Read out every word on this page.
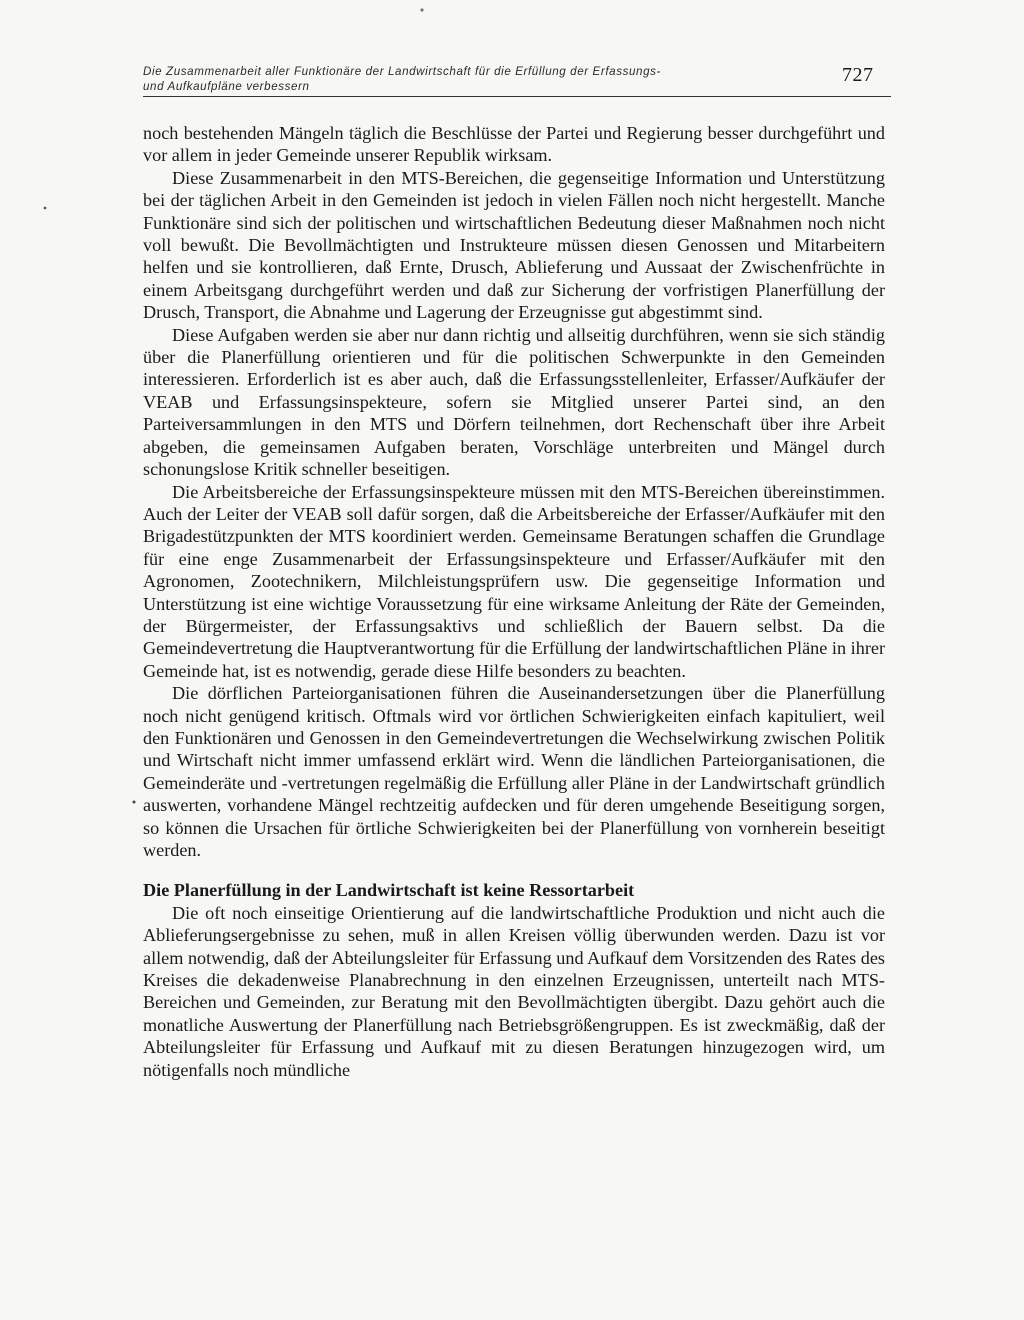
Die Zusammenarbeit aller Funktionäre der Landwirtschaft für die Erfüllung der Erfassungs-
und Aufkaufpläne verbessern
727

noch bestehenden Mängeln täglich die Beschlüsse der Partei und Regierung besser durchgeführt und vor allem in jeder Gemeinde unserer Republik wirksam.

Diese Zusammenarbeit in den MTS-Bereichen, die gegenseitige Information und Unterstützung bei der täglichen Arbeit in den Gemeinden ist jedoch in vielen Fällen noch nicht hergestellt. Manche Funktionäre sind sich der politischen und wirtschaftlichen Bedeutung dieser Maßnahmen noch nicht voll bewußt. Die Bevollmächtigten und Instrukteure müssen diesen Genossen und Mitarbeitern helfen und sie kontrollieren, daß Ernte, Drusch, Ablieferung und Aussaat der Zwischenfrüchte in einem Arbeitsgang durchgeführt werden und daß zur Sicherung der vorfristigen Planerfüllung der Drusch, Transport, die Abnahme und Lagerung der Erzeugnisse gut abgestimmt sind.

Diese Aufgaben werden sie aber nur dann richtig und allseitig durchführen, wenn sie sich ständig über die Planerfüllung orientieren und für die politischen Schwerpunkte in den Gemeinden interessieren. Erforderlich ist es aber auch, daß die Erfassungsstellenleiter, Erfasser/Aufkäufer der VEAB und Erfassungsinspekteure, sofern sie Mitglied unserer Partei sind, an den Parteiversammlungen in den MTS und Dörfern teilnehmen, dort Rechenschaft über ihre Arbeit abgeben, die gemeinsamen Aufgaben beraten, Vorschläge unterbreiten und Mängel durch schonungslose Kritik schneller beseitigen.

Die Arbeitsbereiche der Erfassungsinspekteure müssen mit den MTS-Bereichen übereinstimmen. Auch der Leiter der VEAB soll dafür sorgen, daß die Arbeitsbereiche der Erfasser/Aufkäufer mit den Brigadestützpunkten der MTS koordiniert werden. Gemeinsame Beratungen schaffen die Grundlage für eine enge Zusammenarbeit der Erfassungsinspekteure und Erfasser/Aufkäufer mit den Agronomen, Zootechnikern, Milchleistungsprüfern usw. Die gegenseitige Information und Unterstützung ist eine wichtige Voraussetzung für eine wirksame Anleitung der Räte der Gemeinden, der Bürgermeister, der Erfassungsaktivs und schließlich der Bauern selbst. Da die Gemeindevertretung die Hauptverantwortung für die Erfüllung der landwirtschaftlichen Pläne in ihrer Gemeinde hat, ist es notwendig, gerade diese Hilfe besonders zu beachten.

Die dörflichen Parteiorganisationen führen die Auseinandersetzungen über die Planerfüllung noch nicht genügend kritisch. Oftmals wird vor örtlichen Schwierigkeiten einfach kapituliert, weil den Funktionären und Genossen in den Gemeindevertretungen die Wechselwirkung zwischen Politik und Wirtschaft nicht immer umfassend erklärt wird. Wenn die ländlichen Parteiorganisationen, die Gemeinderäte und -vertretungen regelmäßig die Erfüllung aller Pläne in der Landwirtschaft gründlich auswerten, vorhandene Mängel rechtzeitig aufdecken und für deren umgehende Beseitigung sorgen, so können die Ursachen für örtliche Schwierigkeiten bei der Planerfüllung von vornherein beseitigt werden.

Die Planerfüllung in der Landwirtschaft ist keine Ressortarbeit

Die oft noch einseitige Orientierung auf die landwirtschaftliche Produktion und nicht auch die Ablieferungsergebnisse zu sehen, muß in allen Kreisen völlig überwunden werden. Dazu ist vor allem notwendig, daß der Abteilungsleiter für Erfassung und Aufkauf dem Vorsitzenden des Rates des Kreises die dekadenweise Planabrechnung in den einzelnen Erzeugnissen, unterteilt nach MTS-Bereichen und Gemeinden, zur Beratung mit den Bevollmächtigten übergibt. Dazu gehört auch die monatliche Auswertung der Planerfüllung nach Betriebsgrößengruppen. Es ist zweckmäßig, daß der Abteilungsleiter für Erfassung und Aufkauf mit zu diesen Beratungen hinzugezogen wird, um nötigenfalls noch mündliche
